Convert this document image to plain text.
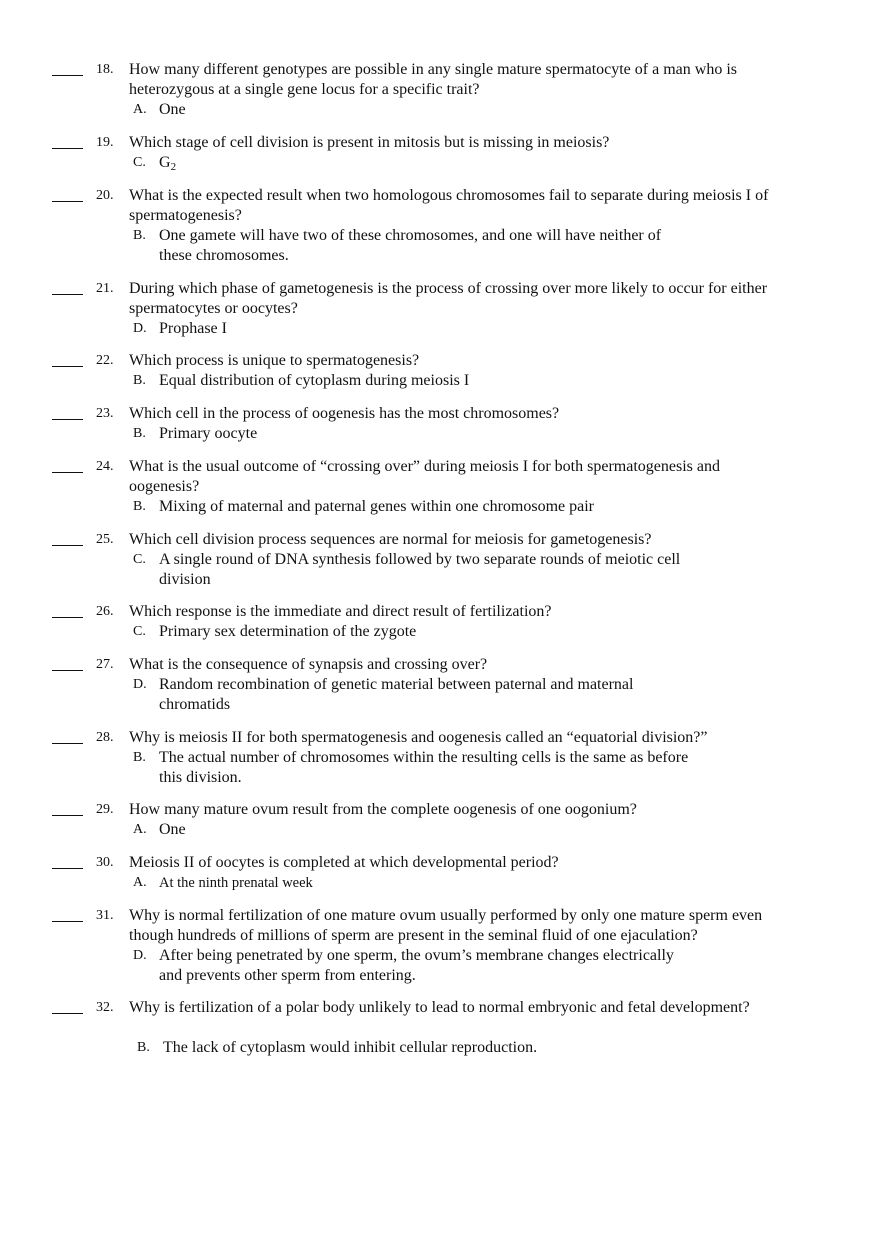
18. How many different genotypes are possible in any single mature spermatocyte of a man who is
heterozygous at a single gene locus for a specific trait?
A. One
19. Which stage of cell division is present in mitosis but is missing in meiosis?
C. $G_2$
20. What is the expected result when two homologous chromosomes fail to separate during meiosis I of
spermatogenesis?
B. One gamete will have two of these chromosomes, and one will have neither of
these chromosomes.
21. During which phase of gametogenesis is the process of crossing over more likely to occur for either
spermatocytes or oocytes?
D. Prophase I
22. Which process is unique to spermatogenesis?
B. Equal distribution of cytoplasm during meiosis I
23. Which cell in the process of oogenesis has the most chromosomes?
B. Primary oocyte
24. What is the usual outcome of “crossing over” during meiosis I for both spermatogenesis and
oogenesis?
B. Mixing of maternal and paternal genes within one chromosome pair
25. Which cell division process sequences are normal for meiosis for gametogenesis?
C. A single round of DNA synthesis followed by two separate rounds of meiotic cell
division
26. Which response is the immediate and direct result of fertilization?
C. Primary sex determination of the zygote
27. What is the consequence of synapsis and crossing over?
D. Random recombination of genetic material between paternal and maternal
chromatids
28. Why is meiosis II for both spermatogenesis and oogenesis called an “equatorial division?”
B. The actual number of chromosomes within the resulting cells is the same as before
this division.
29. How many mature ovum result from the complete oogenesis of one oogonium?
A. One
30. Meiosis II of oocytes is completed at which developmental period?
A. At the ninth prenatal week
31. Why is normal fertilization of one mature ovum usually performed by only one mature sperm even
though hundreds of millions of sperm are present in the seminal fluid of one ejaculation?
D. After being penetrated by one sperm, the ovum’s membrane changes electrically
and prevents other sperm from entering.
32. Why is fertilization of a polar body unlikely to lead to normal embryonic and fetal development?
B. The lack of cytoplasm would inhibit cellular reproduction.
